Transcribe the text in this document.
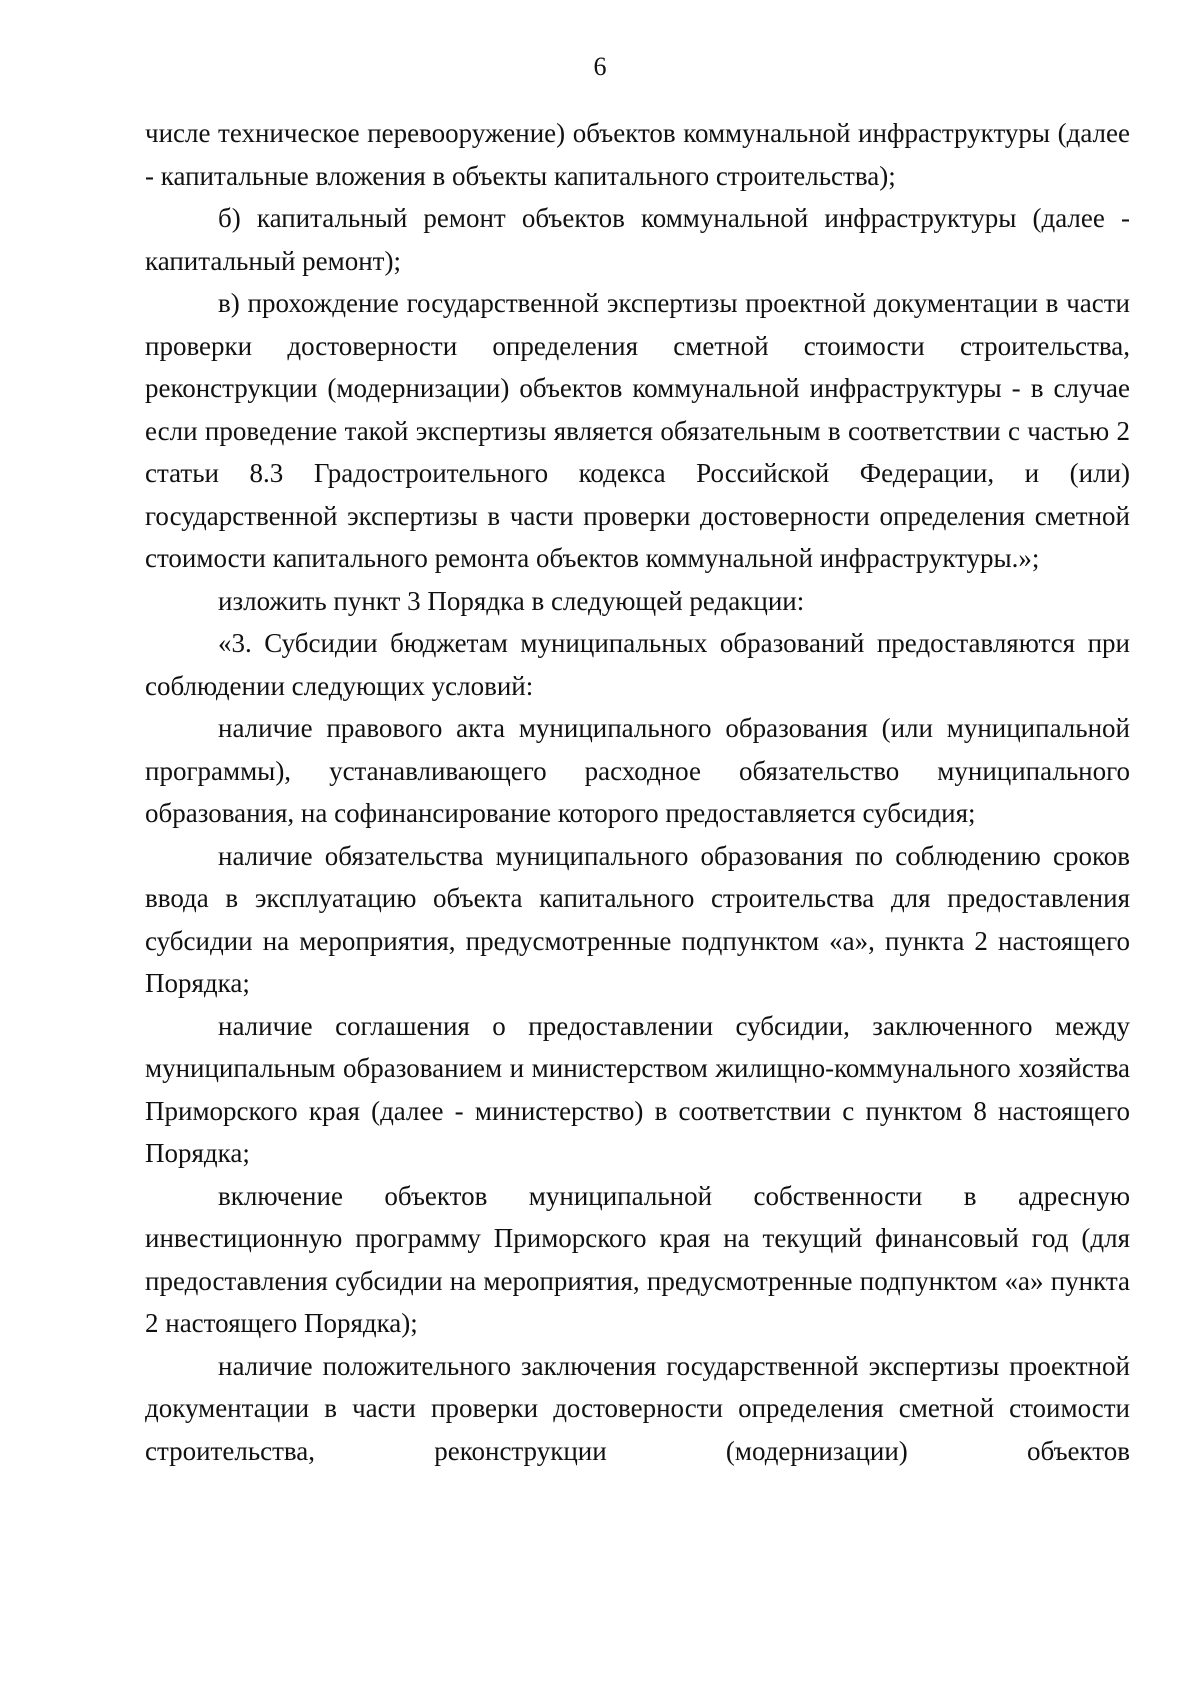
6

числе техническое перевооружение) объектов коммунальной инфраструктуры (далее - капитальные вложения в объекты капитального строительства);

б) капитальный ремонт объектов коммунальной инфраструктуры (далее - капитальный ремонт);

в) прохождение государственной экспертизы проектной документации в части проверки достоверности определения сметной стоимости строительства, реконструкции (модернизации) объектов коммунальной инфраструктуры - в случае если проведение такой экспертизы является обязательным в соответствии с частью 2 статьи 8.3 Градостроительного кодекса Российской Федерации, и (или) государственной экспертизы в части проверки достоверности определения сметной стоимости капитального ремонта объектов коммунальной инфраструктуры.»;

изложить пункт 3 Порядка в следующей редакции:

«3. Субсидии бюджетам муниципальных образований предоставляются при соблюдении следующих условий:

наличие правового акта муниципального образования (или муниципальной программы), устанавливающего расходное обязательство муниципального образования, на софинансирование которого предоставляется субсидия;

наличие обязательства муниципального образования по соблюдению сроков ввода в эксплуатацию объекта капитального строительства для предоставления субсидии на мероприятия, предусмотренные подпунктом «а», пункта 2 настоящего Порядка;

наличие соглашения о предоставлении субсидии, заключенного между муниципальным образованием и министерством жилищно-коммунального хозяйства Приморского края (далее - министерство) в соответствии с пунктом 8 настоящего Порядка;

включение объектов муниципальной собственности в адресную инвестиционную программу Приморского края на текущий финансовый год (для предоставления субсидии на мероприятия, предусмотренные подпунктом «а» пункта 2 настоящего Порядка);

наличие положительного заключения государственной экспертизы проектной документации в части проверки достоверности определения сметной стоимости строительства, реконструкции (модернизации) объектов
